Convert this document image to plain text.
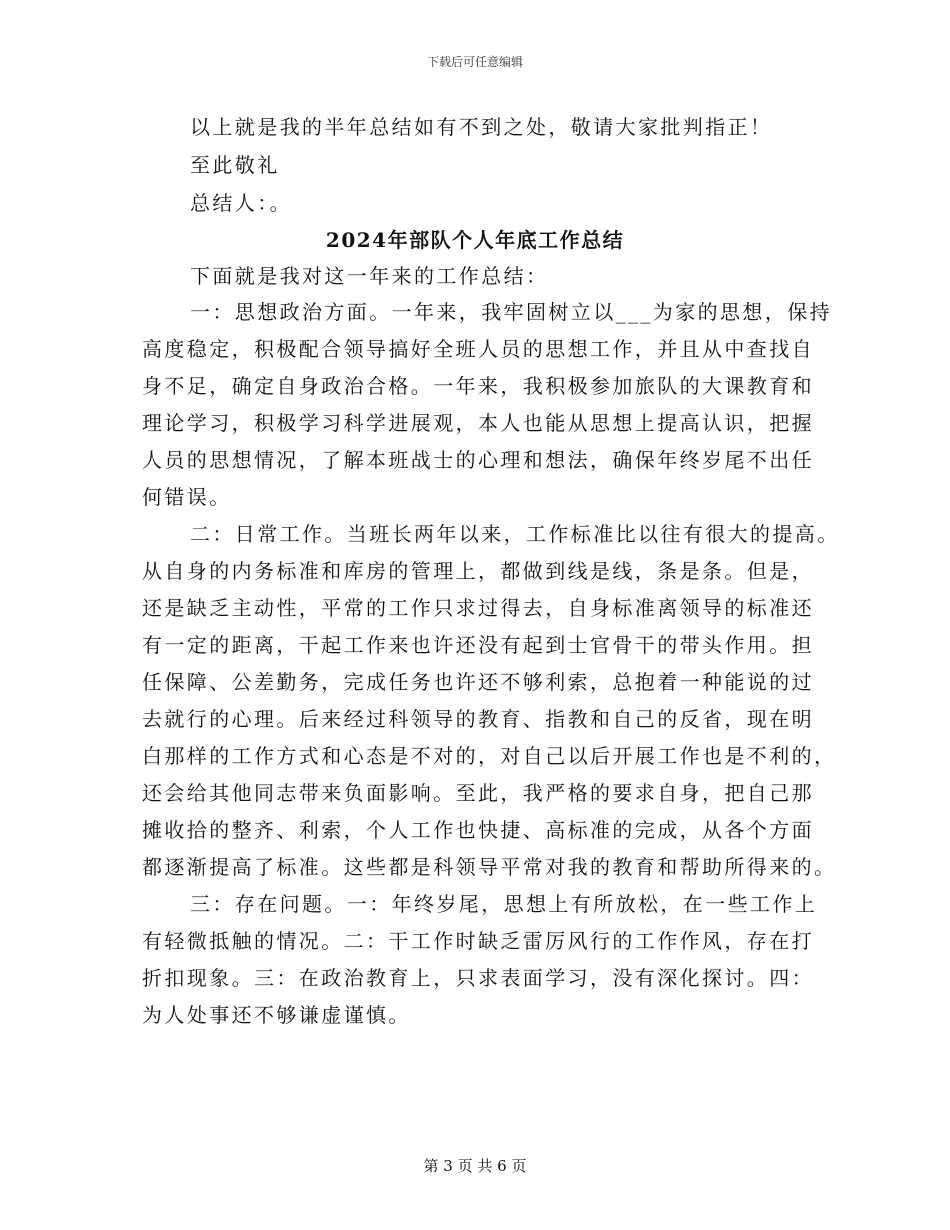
下载后可任意编辑
以上就是我的半年总结如有不到之处，敬请大家批判指正！
至此敬礼
总结人：。
2024年部队个人年底工作总结
下面就是我对这一年来的工作总结：
一：思想政治方面。一年来，我牢固树立以___为家的思想，保持
高度稳定，积极配合领导搞好全班人员的思想工作，并且从中查找自
身不足，确定自身政治合格。一年来，我积极参加旅队的大课教育和
理论学习，积极学习科学进展观，本人也能从思想上提高认识，把握
人员的思想情况，了解本班战士的心理和想法，确保年终岁尾不出任
何错误。
二：日常工作。当班长两年以来，工作标准比以往有很大的提高。
从自身的内务标准和库房的管理上，都做到线是线，条是条。但是，
还是缺乏主动性，平常的工作只求过得去，自身标准离领导的标准还
有一定的距离，干起工作来也许还没有起到士官骨干的带头作用。担
任保障、公差勤务，完成任务也许还不够利索，总抱着一种能说的过
去就行的心理。后来经过科领导的教育、指教和自己的反省，现在明
白那样的工作方式和心态是不对的，对自己以后开展工作也是不利的，
还会给其他同志带来负面影响。至此，我严格的要求自身，把自己那
摊收拾的整齐、利索，个人工作也快捷、高标准的完成，从各个方面
都逐渐提高了标准。这些都是科领导平常对我的教育和帮助所得来的。
三：存在问题。一：年终岁尾，思想上有所放松，在一些工作上
有轻微抵触的情况。二：干工作时缺乏雷厉风行的工作作风，存在打
折扣现象。三：在政治教育上，只求表面学习，没有深化探讨。四：
为人处事还不够谦虚谨慎。
第 3 页 共 6 页
